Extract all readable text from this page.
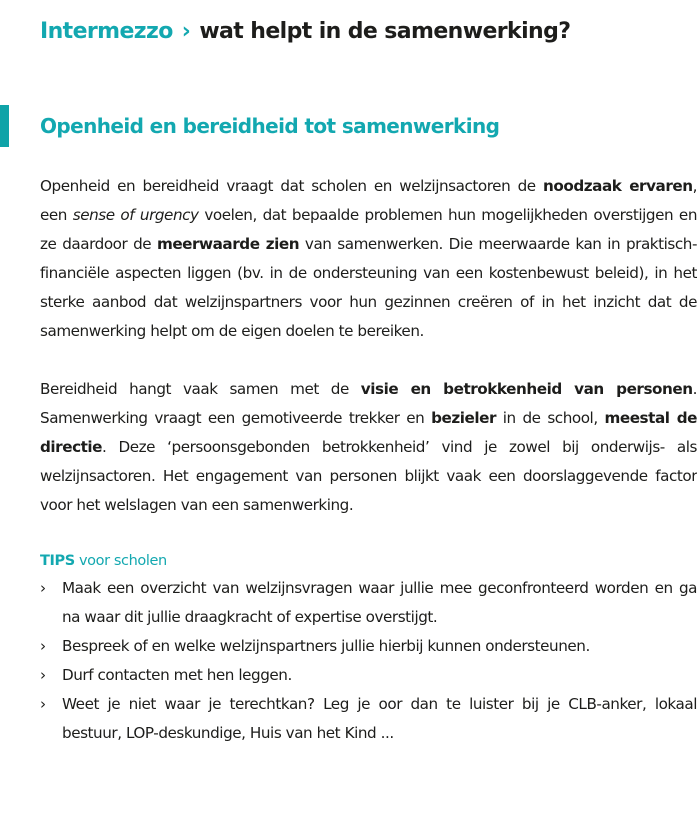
Intermezzo › wat helpt in de samenwerking?
Openheid en bereidheid tot samenwerking

Openheid en bereidheid vraagt dat scholen en welzijnsactoren de noodzaak ervaren, een sense of urgency voelen, dat bepaalde problemen hun mogelijkheden overstijgen en ze daardoor de meerwaarde zien van samenwerken. Die meerwaarde kan in praktisch-financiële aspecten liggen (bv. in de ondersteuning van een kostenbewust beleid), in het sterke aanbod dat welzijnspartners voor hun gezinnen creëren of in het inzicht dat de samenwerking helpt om de eigen doelen te bereiken.

Bereidheid hangt vaak samen met de visie en betrokkenheid van personen. Samenwerking vraagt een gemotiveerde trekker en bezieler in de school, meestal de directie. Deze ‘persoonsgebonden betrokkenheid’ vind je zowel bij onderwijs- als welzijnsactoren. Het engagement van personen blijkt vaak een doorslaggevende factor voor het welslagen van een samenwerking.

TIPS voor scholen
› Maak een overzicht van welzijnsvragen waar jullie mee geconfronteerd worden en ga na waar dit jullie draagkracht of expertise overstijgt.
› Bespreek of en welke welzijnspartners jullie hierbij kunnen ondersteunen.
› Durf contacten met hen leggen.
› Weet je niet waar je terechtkan? Leg je oor dan te luister bij je CLB-anker, lokaal bestuur, LOP-deskundige, Huis van het Kind ...
